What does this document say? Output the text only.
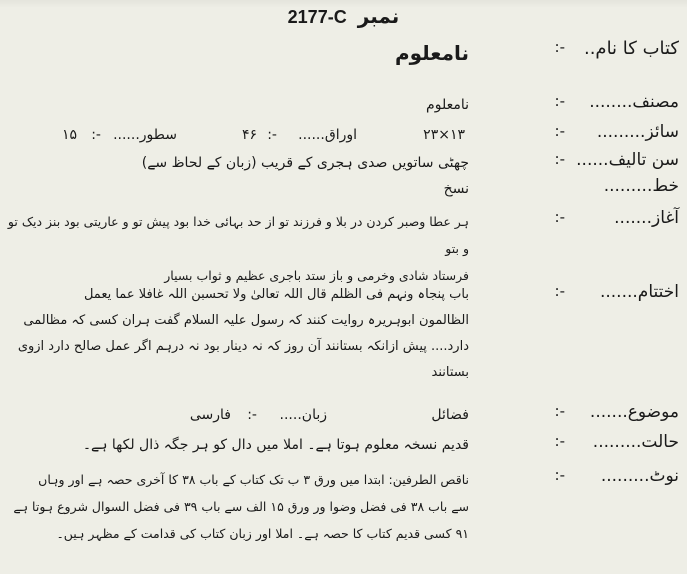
نمبر 2177-C
کتاب کا نام..
:-
نامعلوم
مصنف........
:-
نامعلوم
سائز.........
:-
۱۳×۲۳
اوراق......
:-
۴۶
سطور......
:-
۱۵
سن تالیف......
:-
چھٹی ساتویں صدی ہجری کے قریب (زبان کے لحاظ سے)
خط.........
نسخ
آغاز.......
:-
ہر عطا وصبر کردن در بلا و فرزند تو از حد بہائی خدا بود پیش تو و عاریتی بود بنز دیک تو و بتو
فرستاد شادی وخرمی و باز ستد باجری عظیم و ثواب بسیار
اختتام.......
:-
باب پنجاہ ونہم فی الظلم قال اللہ تعالیٰ ولا تحسبن اللہ غافلا عما یعمل
الظالمون ابوہریرہ روایت کنند کہ رسول علیہ السلام گفت ہران کسی کہ مظالمی
دارد.... پیش ازانکہ بستانند آن روز کہ نہ دینار بود نہ درہم اگر عمل صالح دارد ازوی
بستانند
موضوع.......
:-
فضائل
زبان.....
:-
فارسی
حالت.........
:-
قدیم نسخہ معلوم ہوتا ہے۔ املا میں دال کو ہر جگہ ذال لکھا ہے۔
نوٹ.........
:-
ناقص الطرفین: ابتدا میں ورق ۳ ب تک کتاب کے باب ۳۸ کا آخری حصہ ہے اور وہاں
سے باب ۳۸ فی فضل وضوا ور ورق ۱۵ الف سے باب ۳۹ فی فضل السوال شروع ہوتا ہے
۹۱ کسی قدیم کتاب کا حصہ ہے۔ املا اور زبان کتاب کی قدامت کے مظہر ہیں۔
